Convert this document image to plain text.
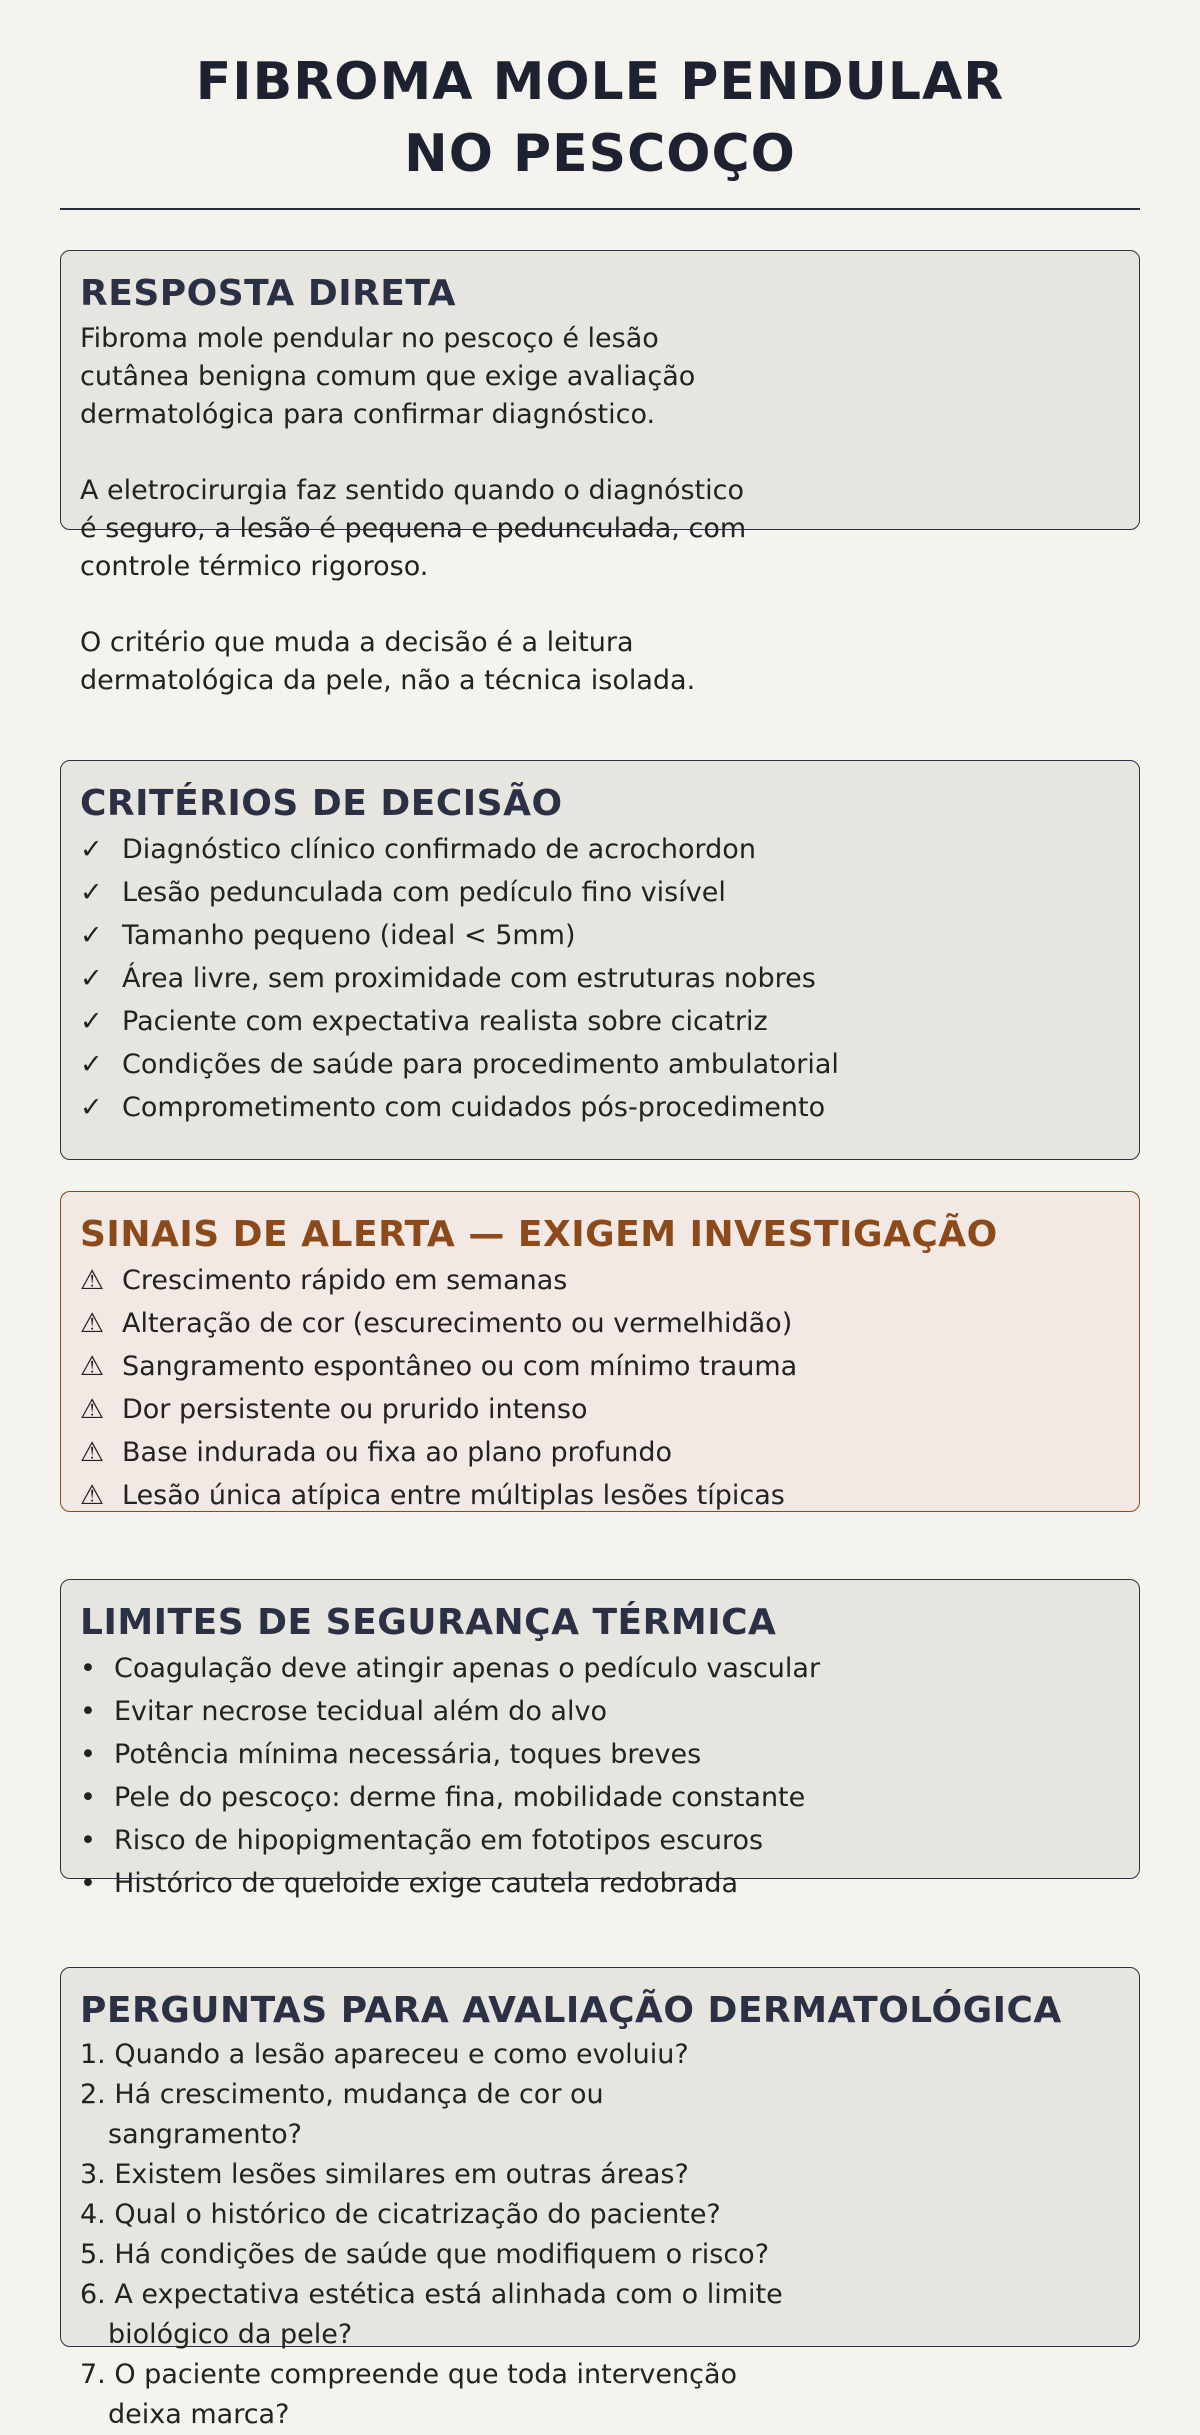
FIBROMA MOLE PENDULAR
NO PESCOÇO
RESPOSTA DIRETA

Fibroma mole pendular no pescoço é lesão cutânea benigna comum que exige avaliação dermatológica para confirmar diagnóstico.

A eletrocirurgia faz sentido quando o diagnóstico é seguro, a lesão é pequena e pedunculada, com controle térmico rigoroso.

O critério que muda a decisão é a leitura dermatológica da pele, não a técnica isolada.

CRITÉRIOS DE DECISÃO
✓ Diagnóstico clínico confirmado de acrochordon
✓ Lesão pedunculada com pedículo fino visível
✓ Tamanho pequeno (ideal < 5mm)
✓ Área livre, sem proximidade com estruturas nobres
✓ Paciente com expectativa realista sobre cicatriz
✓ Condições de saúde para procedimento ambulatorial
✓ Comprometimento com cuidados pós-procedimento
SINAIS DE ALERTA — EXIGEM INVESTIGAÇÃO
⚠ Crescimento rápido em semanas
⚠ Alteração de cor (escurecimento ou vermelhidão)
⚠ Sangramento espontâneo ou com mínimo trauma
⚠ Dor persistente ou prurido intenso
⚠ Base indurada ou fixa ao plano profundo
⚠ Lesão única atípica entre múltiplas lesões típicas
LIMITES DE SEGURANÇA TÉRMICA
• Coagulação deve atingir apenas o pedículo vascular
• Evitar necrose tecidual além do alvo
• Potência mínima necessária, toques breves
• Pele do pescoço: derme fina, mobilidade constante
• Risco de hipopigmentação em fototipos escuros
• Histórico de queloide exige cautela redobrada
PERGUNTAS PARA AVALIAÇÃO DERMATOLÓGICA
1. Quando a lesão apareceu e como evoluiu?
2. Há crescimento, mudança de cor ou sangramento?
3. Existem lesões similares em outras áreas?
4. Qual o histórico de cicatrização do paciente?
5. Há condições de saúde que modifiquem o risco?
6. A expectativa estética está alinhada com o limite biológico da pele?
7. O paciente compreende que toda intervenção deixa marca?
